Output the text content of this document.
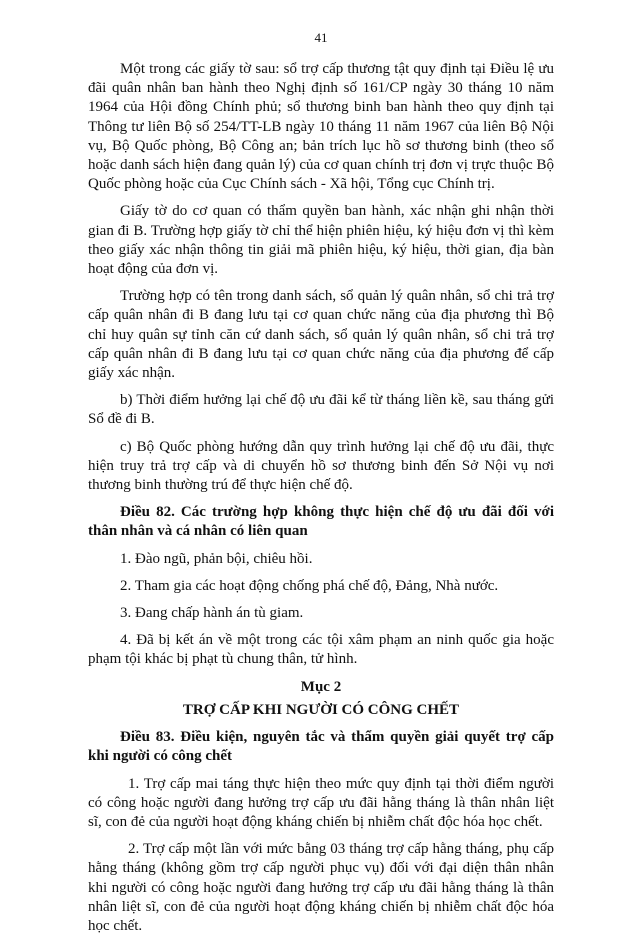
41

Một trong các giấy tờ sau: sổ trợ cấp thương tật quy định tại Điều lệ ưu đãi quân nhân ban hành theo Nghị định số 161/CP ngày 30 tháng 10 năm 1964 của Hội đồng Chính phủ; sổ thương binh ban hành theo quy định tại Thông tư liên Bộ số 254/TT-LB ngày 10 tháng 11 năm 1967 của liên Bộ Nội vụ, Bộ Quốc phòng, Bộ Công an; bản trích lục hồ sơ thương binh (theo sổ hoặc danh sách hiện đang quản lý) của cơ quan chính trị đơn vị trực thuộc Bộ Quốc phòng hoặc của Cục Chính sách - Xã hội, Tổng cục Chính trị.

Giấy tờ do cơ quan có thẩm quyền ban hành, xác nhận ghi nhận thời gian đi B. Trường hợp giấy tờ chỉ thể hiện phiên hiệu, ký hiệu đơn vị thì kèm theo giấy xác nhận thông tin giải mã phiên hiệu, ký hiệu, thời gian, địa bàn hoạt động của đơn vị.

Trường hợp có tên trong danh sách, sổ quản lý quân nhân, sổ chi trả trợ cấp quân nhân đi B đang lưu tại cơ quan chức năng của địa phương thì Bộ chỉ huy quân sự tỉnh căn cứ danh sách, sổ quản lý quân nhân, sổ chi trả trợ cấp quân nhân đi B đang lưu tại cơ quan chức năng của địa phương để cấp giấy xác nhận.

b) Thời điểm hưởng lại chế độ ưu đãi kể từ tháng liền kề, sau tháng gửi Sổ đề đi B.

c) Bộ Quốc phòng hướng dẫn quy trình hưởng lại chế độ ưu đãi, thực hiện truy trả trợ cấp và di chuyển hồ sơ thương binh đến Sở Nội vụ nơi thương binh thường trú để thực hiện chế độ.

Điều 82. Các trường hợp không thực hiện chế độ ưu đãi đối với thân nhân và cá nhân có liên quan

1. Đào ngũ, phản bội, chiêu hồi.

2. Tham gia các hoạt động chống phá chế độ, Đảng, Nhà nước.

3. Đang chấp hành án tù giam.

4. Đã bị kết án về một trong các tội xâm phạm an ninh quốc gia hoặc phạm tội khác bị phạt tù chung thân, tử hình.

Mục 2

TRỢ CẤP KHI NGƯỜI CÓ CÔNG CHẾT

Điều 83. Điều kiện, nguyên tắc và thẩm quyền giải quyết trợ cấp khi người có công chết

1. Trợ cấp mai táng thực hiện theo mức quy định tại thời điểm người có công hoặc người đang hưởng trợ cấp ưu đãi hằng tháng là thân nhân liệt sĩ, con đẻ của người hoạt động kháng chiến bị nhiễm chất độc hóa học chết.

2. Trợ cấp một lần với mức bằng 03 tháng trợ cấp hằng tháng, phụ cấp hằng tháng (không gồm trợ cấp người phục vụ) đối với đại diện thân nhân khi người có công hoặc người đang hưởng trợ cấp ưu đãi hằng tháng là thân nhân liệt sĩ, con đẻ của người hoạt động kháng chiến bị nhiễm chất độc hóa học chết.
